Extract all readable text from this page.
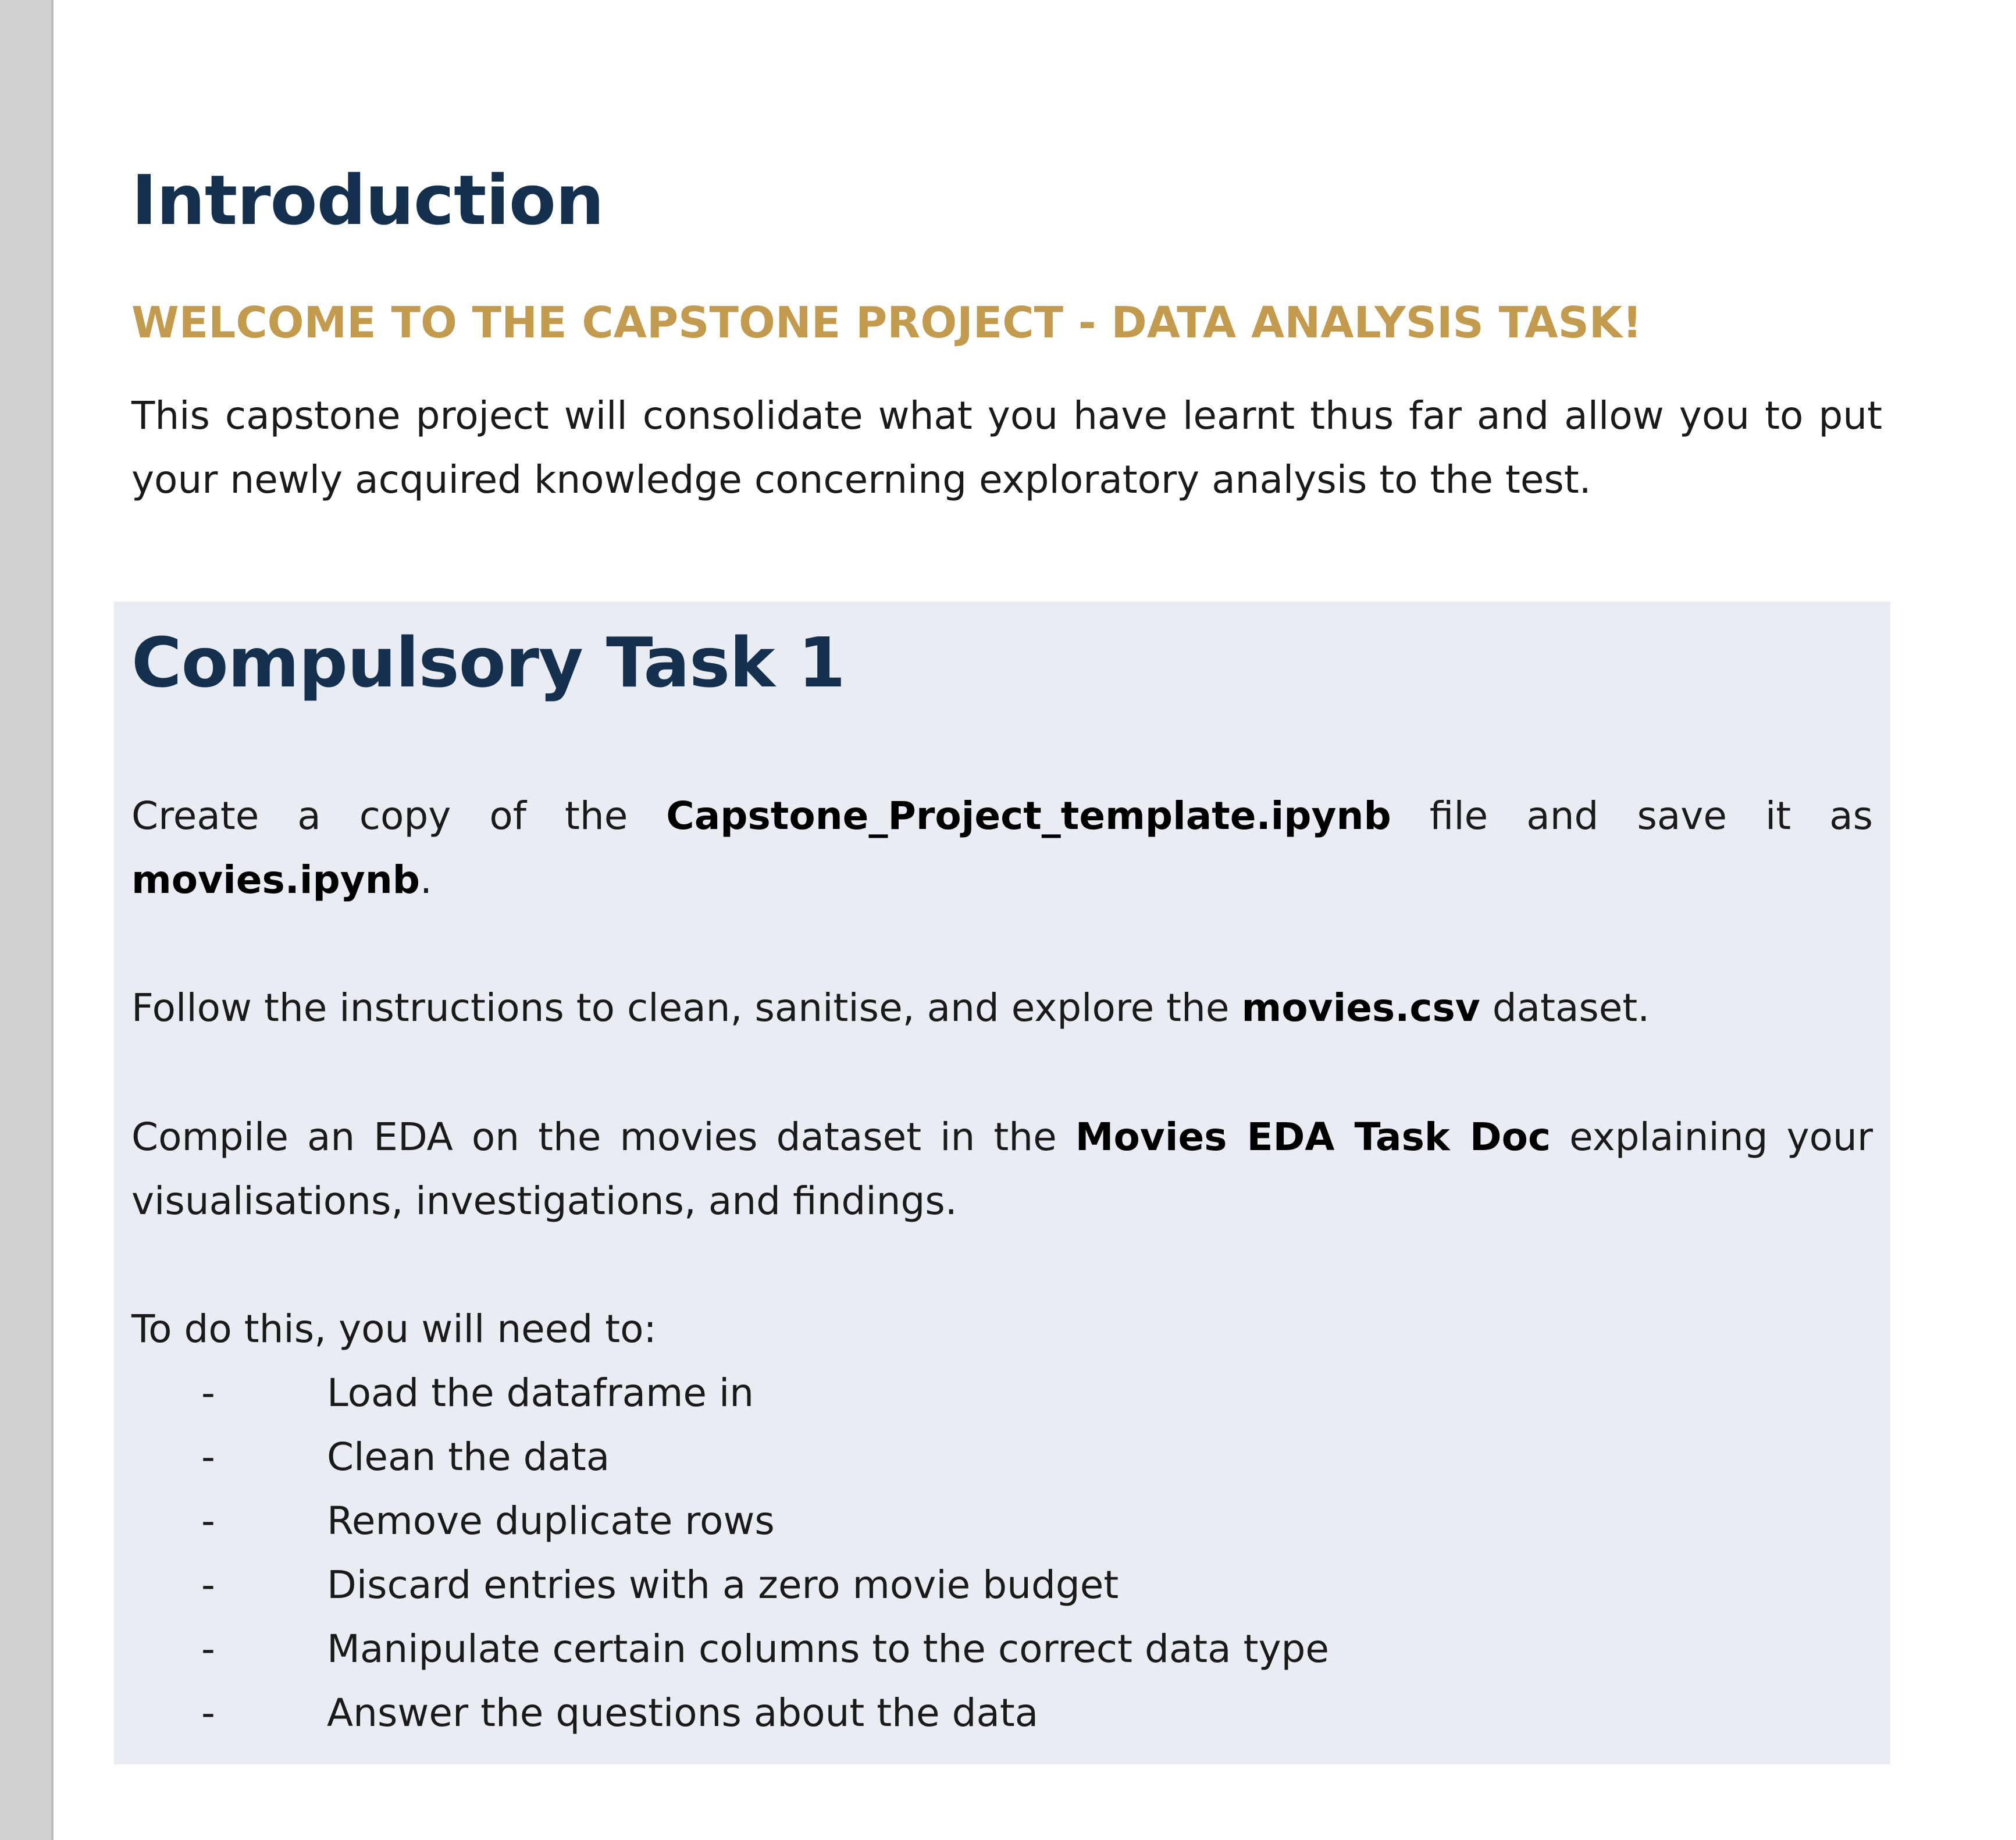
Introduction
WELCOME TO THE CAPSTONE PROJECT - DATA ANALYSIS TASK!

This capstone project will consolidate what you have learnt thus far and allow you to put your newly acquired knowledge concerning exploratory analysis to the test.

Compulsory Task 1

Create a copy of the Capstone_Project_template.ipynb file and save it as movies.ipynb.

Follow the instructions to clean, sanitise, and explore the movies.csv dataset.

Compile an EDA on the movies dataset in the Movies EDA Task Doc explaining your visualisations, investigations, and findings.

To do this, you will need to:

-	Load the dataframe in
-	Clean the data
-	Remove duplicate rows
-	Discard entries with a zero movie budget
-	Manipulate certain columns to the correct data type
-	Answer the questions about the data
